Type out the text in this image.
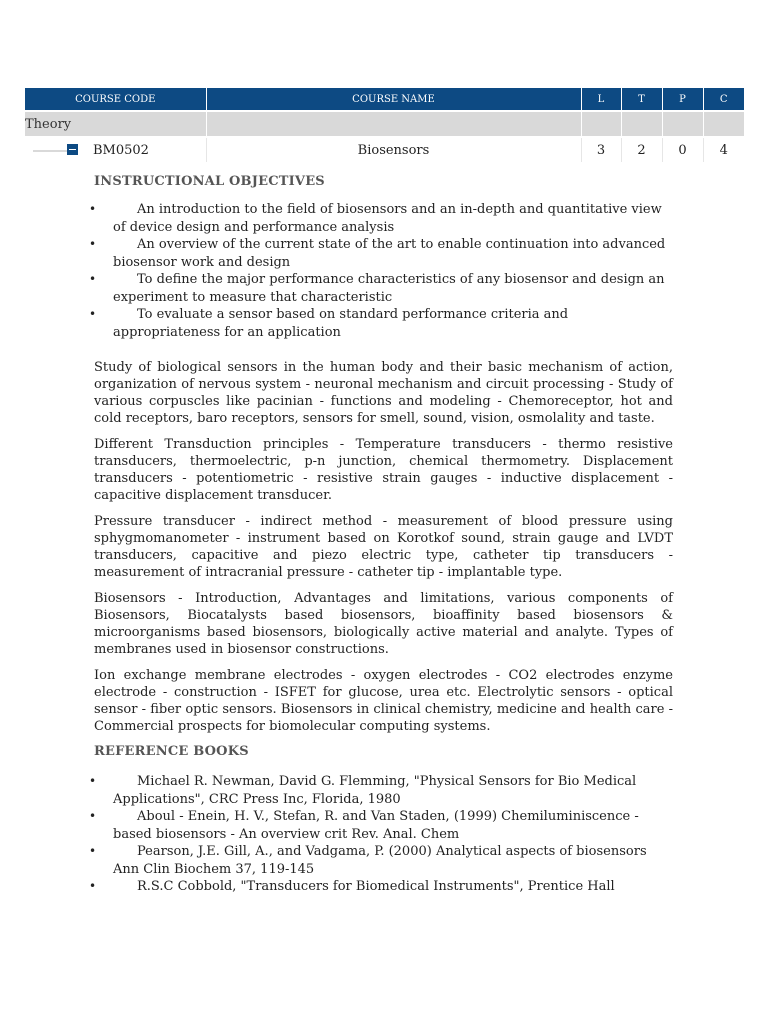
COURSE CODE	COURSE NAME	L	T	P	C
Theory					

BM0502	Biosensors	3	2	0	4
INSTRUCTIONAL OBJECTIVES
• An introduction to the field of biosensors and an in-depth and quantitative view of device design and performance analysis
• An overview of the current state of the art to enable continuation into advanced biosensor work and design
• To define the major performance characteristics of any biosensor and design an experiment to measure that characteristic
• To evaluate a sensor based on standard performance criteria and appropriateness for an application

Study of biological sensors in the human body and their basic mechanism of action, organization of nervous system - neuronal mechanism and circuit processing - Study of various corpuscles like pacinian - functions and modeling - Chemoreceptor, hot and cold receptors, baro receptors, sensors for smell, sound, vision, osmolality and taste.

Different Transduction principles - Temperature transducers - thermo resistive transducers, thermoelectric, p-n junction, chemical thermometry. Displacement transducers - potentiometric - resistive strain gauges - inductive displacement - capacitive displacement transducer.

Pressure transducer - indirect method - measurement of blood pressure using sphygmomanometer - instrument based on Korotkof sound, strain gauge and LVDT transducers, capacitive and piezo electric type, catheter tip transducers - measurement of intracranial pressure - catheter tip - implantable type.

Biosensors - Introduction, Advantages and limitations, various components of Biosensors, Biocatalysts based biosensors, bioaffinity based biosensors & microorganisms based biosensors, biologically active material and analyte. Types of membranes used in biosensor constructions.

Ion exchange membrane electrodes - oxygen electrodes - CO2 electrodes enzyme electrode - construction - ISFET for glucose, urea etc. Electrolytic sensors - optical sensor - fiber optic sensors. Biosensors in clinical chemistry, medicine and health care - Commercial prospects for biomolecular computing systems.

REFERENCE BOOKS
• Michael R. Newman, David G. Flemming, "Physical Sensors for Bio Medical Applications", CRC Press Inc, Florida, 1980
• Aboul - Enein, H. V., Stefan, R. and Van Staden, (1999) Chemiluminiscence - based biosensors - An overview crit Rev. Anal. Chem
• Pearson, J.E. Gill, A., and Vadgama, P. (2000) Analytical aspects of biosensors Ann Clin Biochem 37, 119-145
• R.S.C Cobbold, "Transducers for Biomedical Instruments", Prentice Hall
